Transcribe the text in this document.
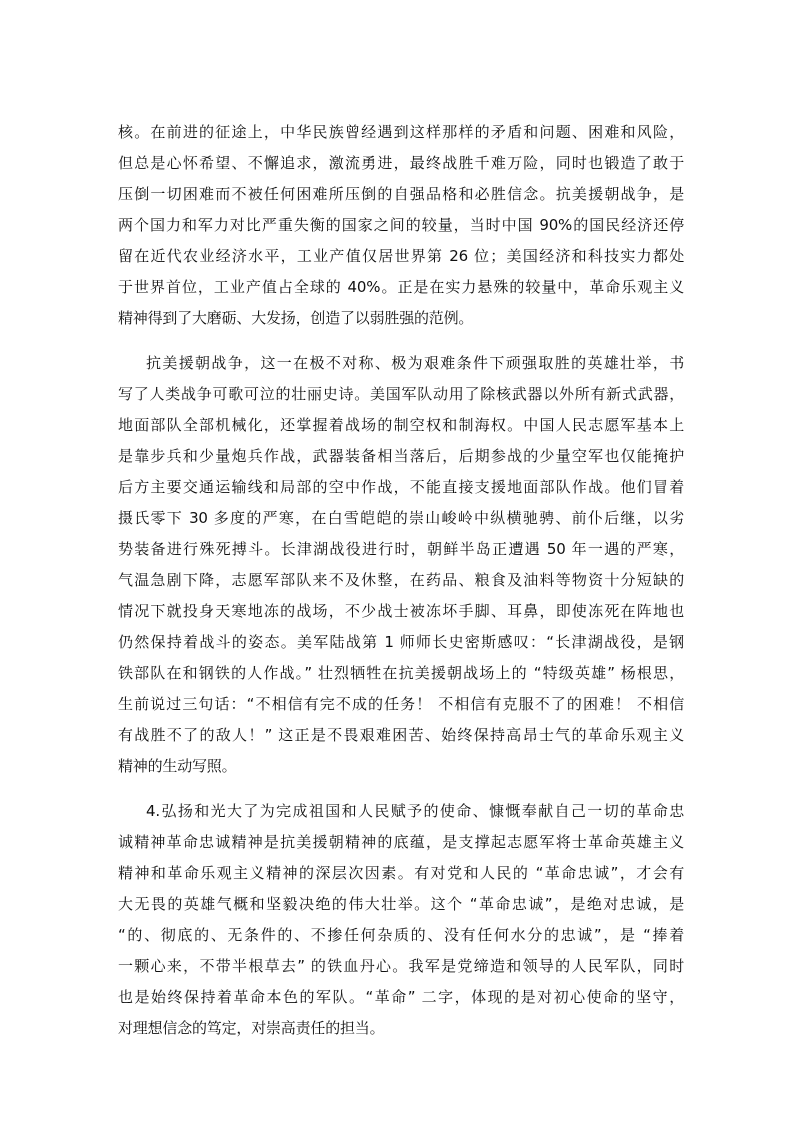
核。在前进的征途上，中华民族曾经遇到这样那样的矛盾和问题、困难和风险，
但总是心怀希望、不懈追求，激流勇进，最终战胜千难万险，同时也锻造了敢于
压倒一切困难而不被任何困难所压倒的自强品格和必胜信念。抗美援朝战争，是
两个国力和军力对比严重失衡的国家之间的较量，当时中国 90%的国民经济还停
留在近代农业经济水平，工业产值仅居世界第 26 位；美国经济和科技实力都处
于世界首位，工业产值占全球的 40%。正是在实力悬殊的较量中，革命乐观主义
精神得到了大磨砺、大发扬，创造了以弱胜强的范例。

抗美援朝战争，这一在极不对称、极为艰难条件下顽强取胜的英雄壮举，书
写了人类战争可歌可泣的壮丽史诗。美国军队动用了除核武器以外所有新式武器，
地面部队全部机械化，还掌握着战场的制空权和制海权。中国人民志愿军基本上
是靠步兵和少量炮兵作战，武器装备相当落后，后期参战的少量空军也仅能掩护
后方主要交通运输线和局部的空中作战，不能直接支援地面部队作战。他们冒着
摄氏零下 30 多度的严寒，在白雪皑皑的崇山峻岭中纵横驰骋、前仆后继，以劣
势装备进行殊死搏斗。长津湖战役进行时，朝鲜半岛正遭遇 50 年一遇的严寒，
气温急剧下降，志愿军部队来不及休整，在药品、粮食及油料等物资十分短缺的
情况下就投身天寒地冻的战场，不少战士被冻坏手脚、耳鼻，即使冻死在阵地也
仍然保持着战斗的姿态。美军陆战第 1 师师长史密斯感叹：“长津湖战役，是钢
铁部队在和钢铁的人作战。” 壮烈牺牲在抗美援朝战场上的 “特级英雄” 杨根思，
生前说过三句话：“不相信有完不成的任务！ 不相信有克服不了的困难！ 不相信
有战胜不了的敌人！” 这正是不畏艰难困苦、始终保持高昂士气的革命乐观主义
精神的生动写照。

4.弘扬和光大了为完成祖国和人民赋予的使命、慷慨奉献自己一切的革命忠
诚精神革命忠诚精神是抗美援朝精神的底蕴，是支撑起志愿军将士革命英雄主义
精神和革命乐观主义精神的深层次因素。有对党和人民的 “革命忠诚”，才会有
大无畏的英雄气概和坚毅决绝的伟大壮举。这个 “革命忠诚”，是绝对忠诚，是
“的、彻底的、无条件的、不掺任何杂质的、没有任何水分的忠诚”，是 “捧着
一颗心来，不带半根草去” 的铁血丹心。我军是党缔造和领导的人民军队，同时
也是始终保持着革命本色的军队。“革命” 二字，体现的是对初心使命的坚守，
对理想信念的笃定，对崇高责任的担当。
